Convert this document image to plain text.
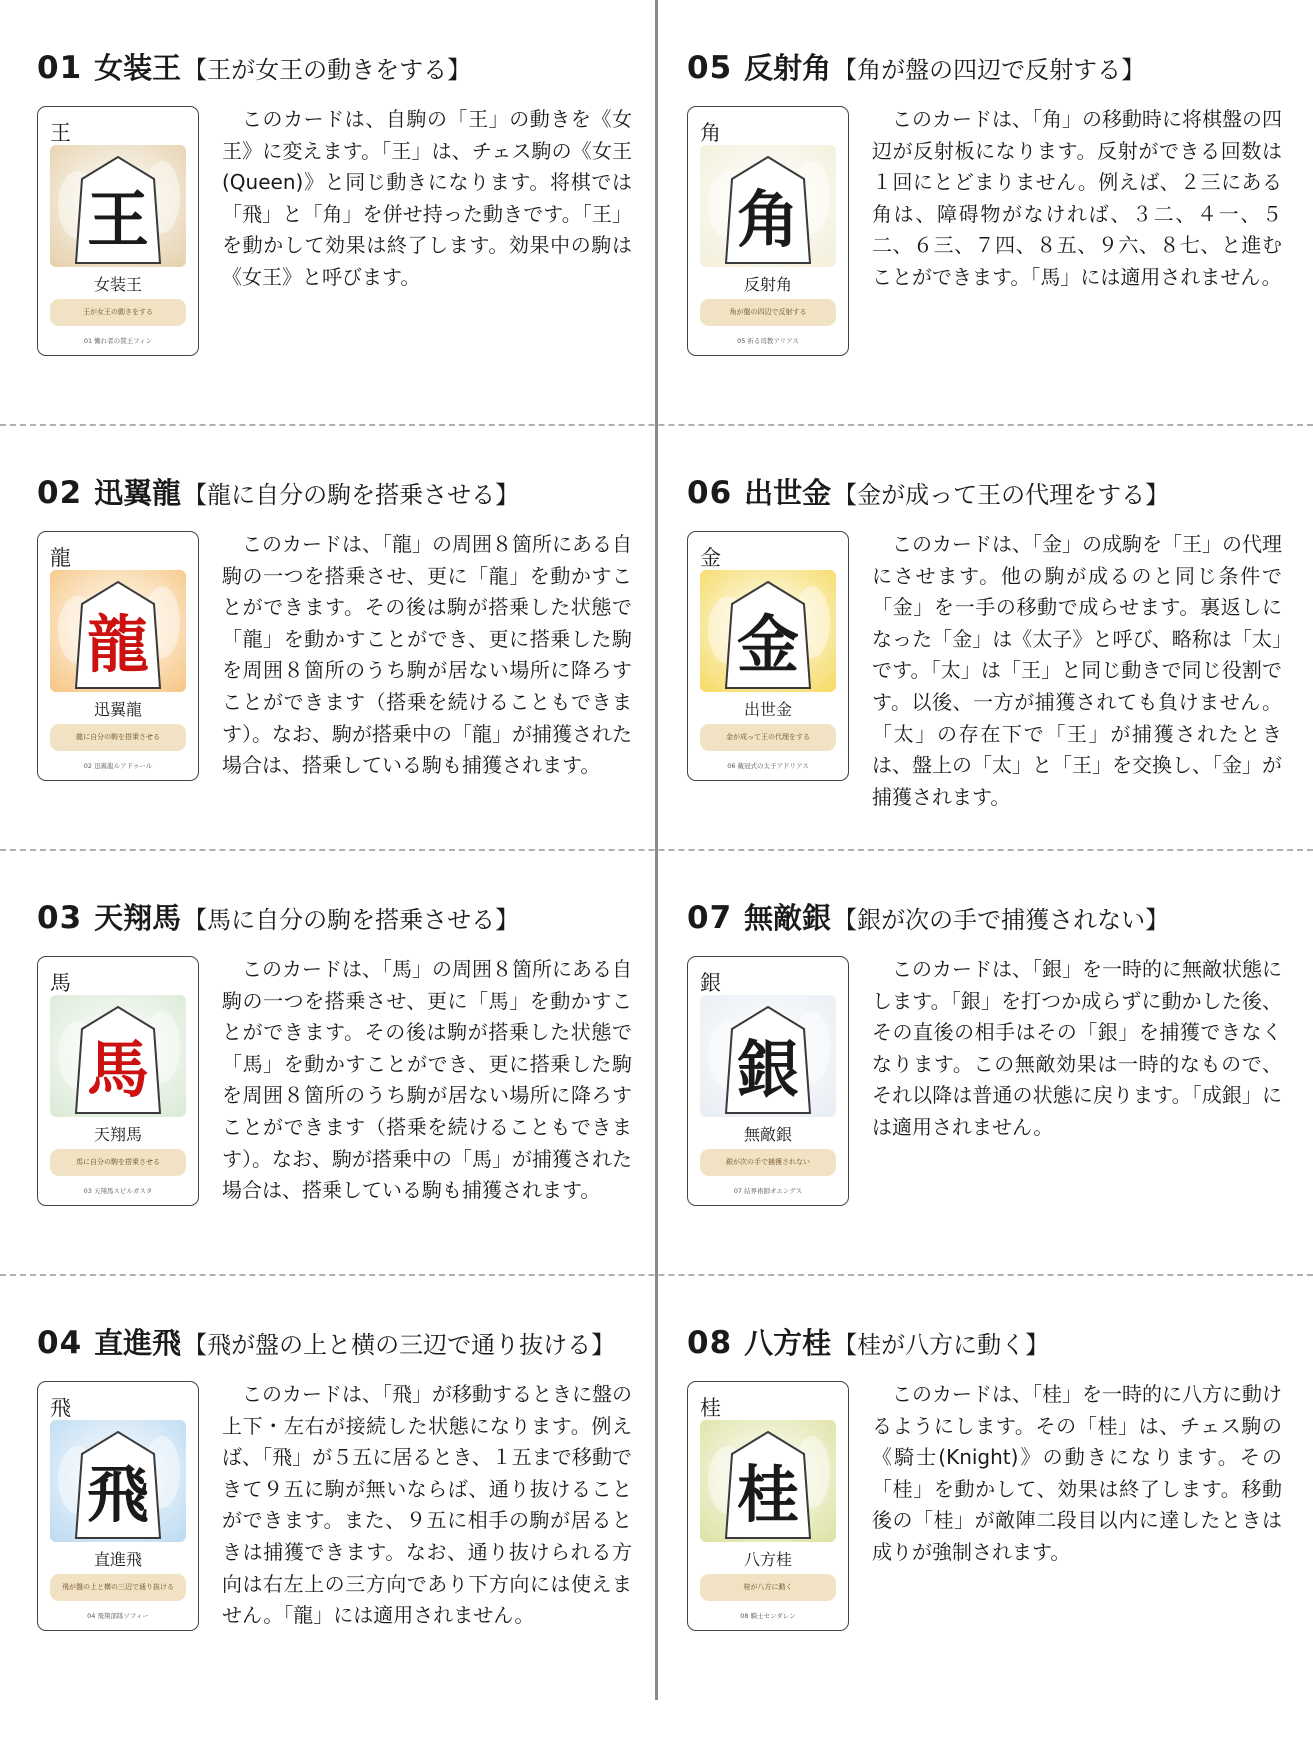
01 女装王【王が女王の動きをする】
王
王
女装王
王が女王の動きをする
01 懶れ者の賛王フィン
このカードは、自駒の「王」の動きを《女王》に変えます。「王」は、チェス駒の《女王(Queen)》と同じ動きになります。将棋では「飛」と「角」を併せ持った動きです。「王」を動かして効果は終了します。効果中の駒は《女王》と呼びます。
02 迅翼龍【龍に自分の駒を搭乗させる】
龍
龍
迅翼龍
龍に自分の駒を搭乗させる
02 迅翼龍ルアドゥール
このカードは、「龍」の周囲８箇所にある自駒の一つを搭乗させ、更に「龍」を動かすことができます。その後は駒が搭乗した状態で「龍」を動かすことができ、更に搭乗した駒を周囲８箇所のうち駒が居ない場所に降ろすことができます（搭乗を続けることもできます）。なお、駒が搭乗中の「龍」が捕獲された場合は、搭乗している駒も捕獲されます。
03 天翔馬【馬に自分の駒を搭乗させる】
馬
馬
天翔馬
馬に自分の駒を搭乗させる
03 天翔馬スピルガスタ
このカードは、「馬」の周囲８箇所にある自駒の一つを搭乗させ、更に「馬」を動かすことができます。その後は駒が搭乗した状態で「馬」を動かすことができ、更に搭乗した駒を周囲８箇所のうち駒が居ない場所に降ろすことができます（搭乗を続けることもできます）。なお、駒が搭乗中の「馬」が捕獲された場合は、搭乗している駒も捕獲されます。
04 直進飛【飛が盤の上と横の三辺で通り抜ける】
飛
飛
直進飛
飛が盤の上と横の三辺で通り抜ける
04 飛翔部隊ソフィー
このカードは、「飛」が移動するときに盤の上下・左右が接続した状態になります。例えば、「飛」が５五に居るとき、１五まで移動できて９五に駒が無いならば、通り抜けることができます。また、９五に相手の駒が居るときは捕獲できます。なお、通り抜けられる方向は右左上の三方向であり下方向には使えません。「龍」には適用されません。
05 反射角【角が盤の四辺で反射する】
角
角
反射角
角が盤の四辺で反射する
05 祈る司教アリアス
このカードは、「角」の移動時に将棋盤の四辺が反射板になります。反射ができる回数は１回にとどまりません。例えば、２三にある角は、障碍物がなければ、３二、４一、５二、６三、７四、８五、９六、８七、と進むことができます。「馬」には適用されません。
06 出世金【金が成って王の代理をする】
金
金
出世金
金が成って王の代理をする
06 戴冠式の太子アドリアス
このカードは、「金」の成駒を「王」の代理にさせます。他の駒が成るのと同じ条件で「金」を一手の移動で成らせます。裏返しになった「金」は《太子》と呼び、略称は「太」です。「太」は「王」と同じ動きで同じ役割です。以後、一方が捕獲されても負けません。「太」の存在下で「王」が捕獲されたときは、盤上の「太」と「王」を交換し、「金」が捕獲されます。
07 無敵銀【銀が次の手で捕獲されない】
銀
銀
無敵銀
銀が次の手で捕獲されない
07 結界術師オエングス
このカードは、「銀」を一時的に無敵状態にします。「銀」を打つか成らずに動かした後、その直後の相手はその「銀」を捕獲できなくなります。この無敵効果は一時的なもので、それ以降は普通の状態に戻ります。「成銀」には適用されません。
08 八方桂【桂が八方に動く】
桂
桂
八方桂
桂が八方に動く
08 騎士センダレン
このカードは、「桂」を一時的に八方に動けるようにします。その「桂」は、チェス駒の《騎士(Knight)》の動きになります。その「桂」を動かして、効果は終了します。移動後の「桂」が敵陣二段目以内に達したときは成りが強制されます。
